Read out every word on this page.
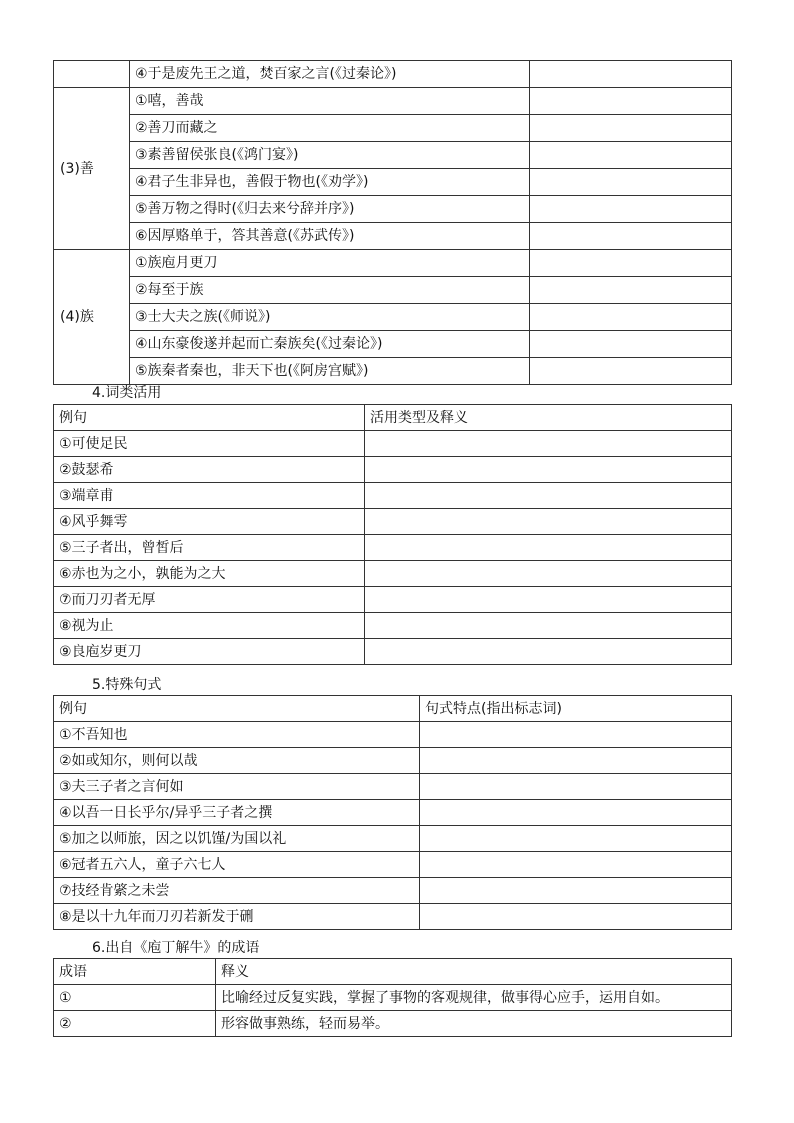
	④于是废先王之道，焚百家之言(《过秦论》)	
(3)善	①嘻，善哉	
	②善刀而藏之	
	③素善留侯张良(《鸿门宴》)	
	④君子生非异也，善假于物也(《劝学》)	
	⑤善万物之得时(《归去来兮辞并序》)	
	⑥因厚赂单于，答其善意(《苏武传》)	
(4)族	①族庖月更刀	
	②每至于族	
	③士大夫之族(《师说》)	
	④山东豪俊遂并起而亡秦族矣(《过秦论》)	
	⑤族秦者秦也，非天下也(《阿房宫赋》)	
4.词类活用
例句	活用类型及释义
①可使足民	
②鼓瑟希	
③端章甫	
④风乎舞雩	
⑤三子者出，曾皙后	
⑥赤也为之小，孰能为之大	
⑦而刀刃者无厚	
⑧视为止	
⑨良庖岁更刀	
5.特殊句式
例句	句式特点(指出标志词)
①不吾知也	
②如或知尔，则何以哉	
③夫三子者之言何如	
④以吾一日长乎尔/异乎三子者之撰	
⑤加之以师旅，因之以饥馑/为国以礼	
⑥冠者五六人，童子六七人	
⑦技经肯綮之未尝	
⑧是以十九年而刀刃若新发于硎	
6.出自《庖丁解牛》的成语
成语	释义
①	比喻经过反复实践，掌握了事物的客观规律，做事得心应手，运用自如。
②	形容做事熟练，轻而易举。
